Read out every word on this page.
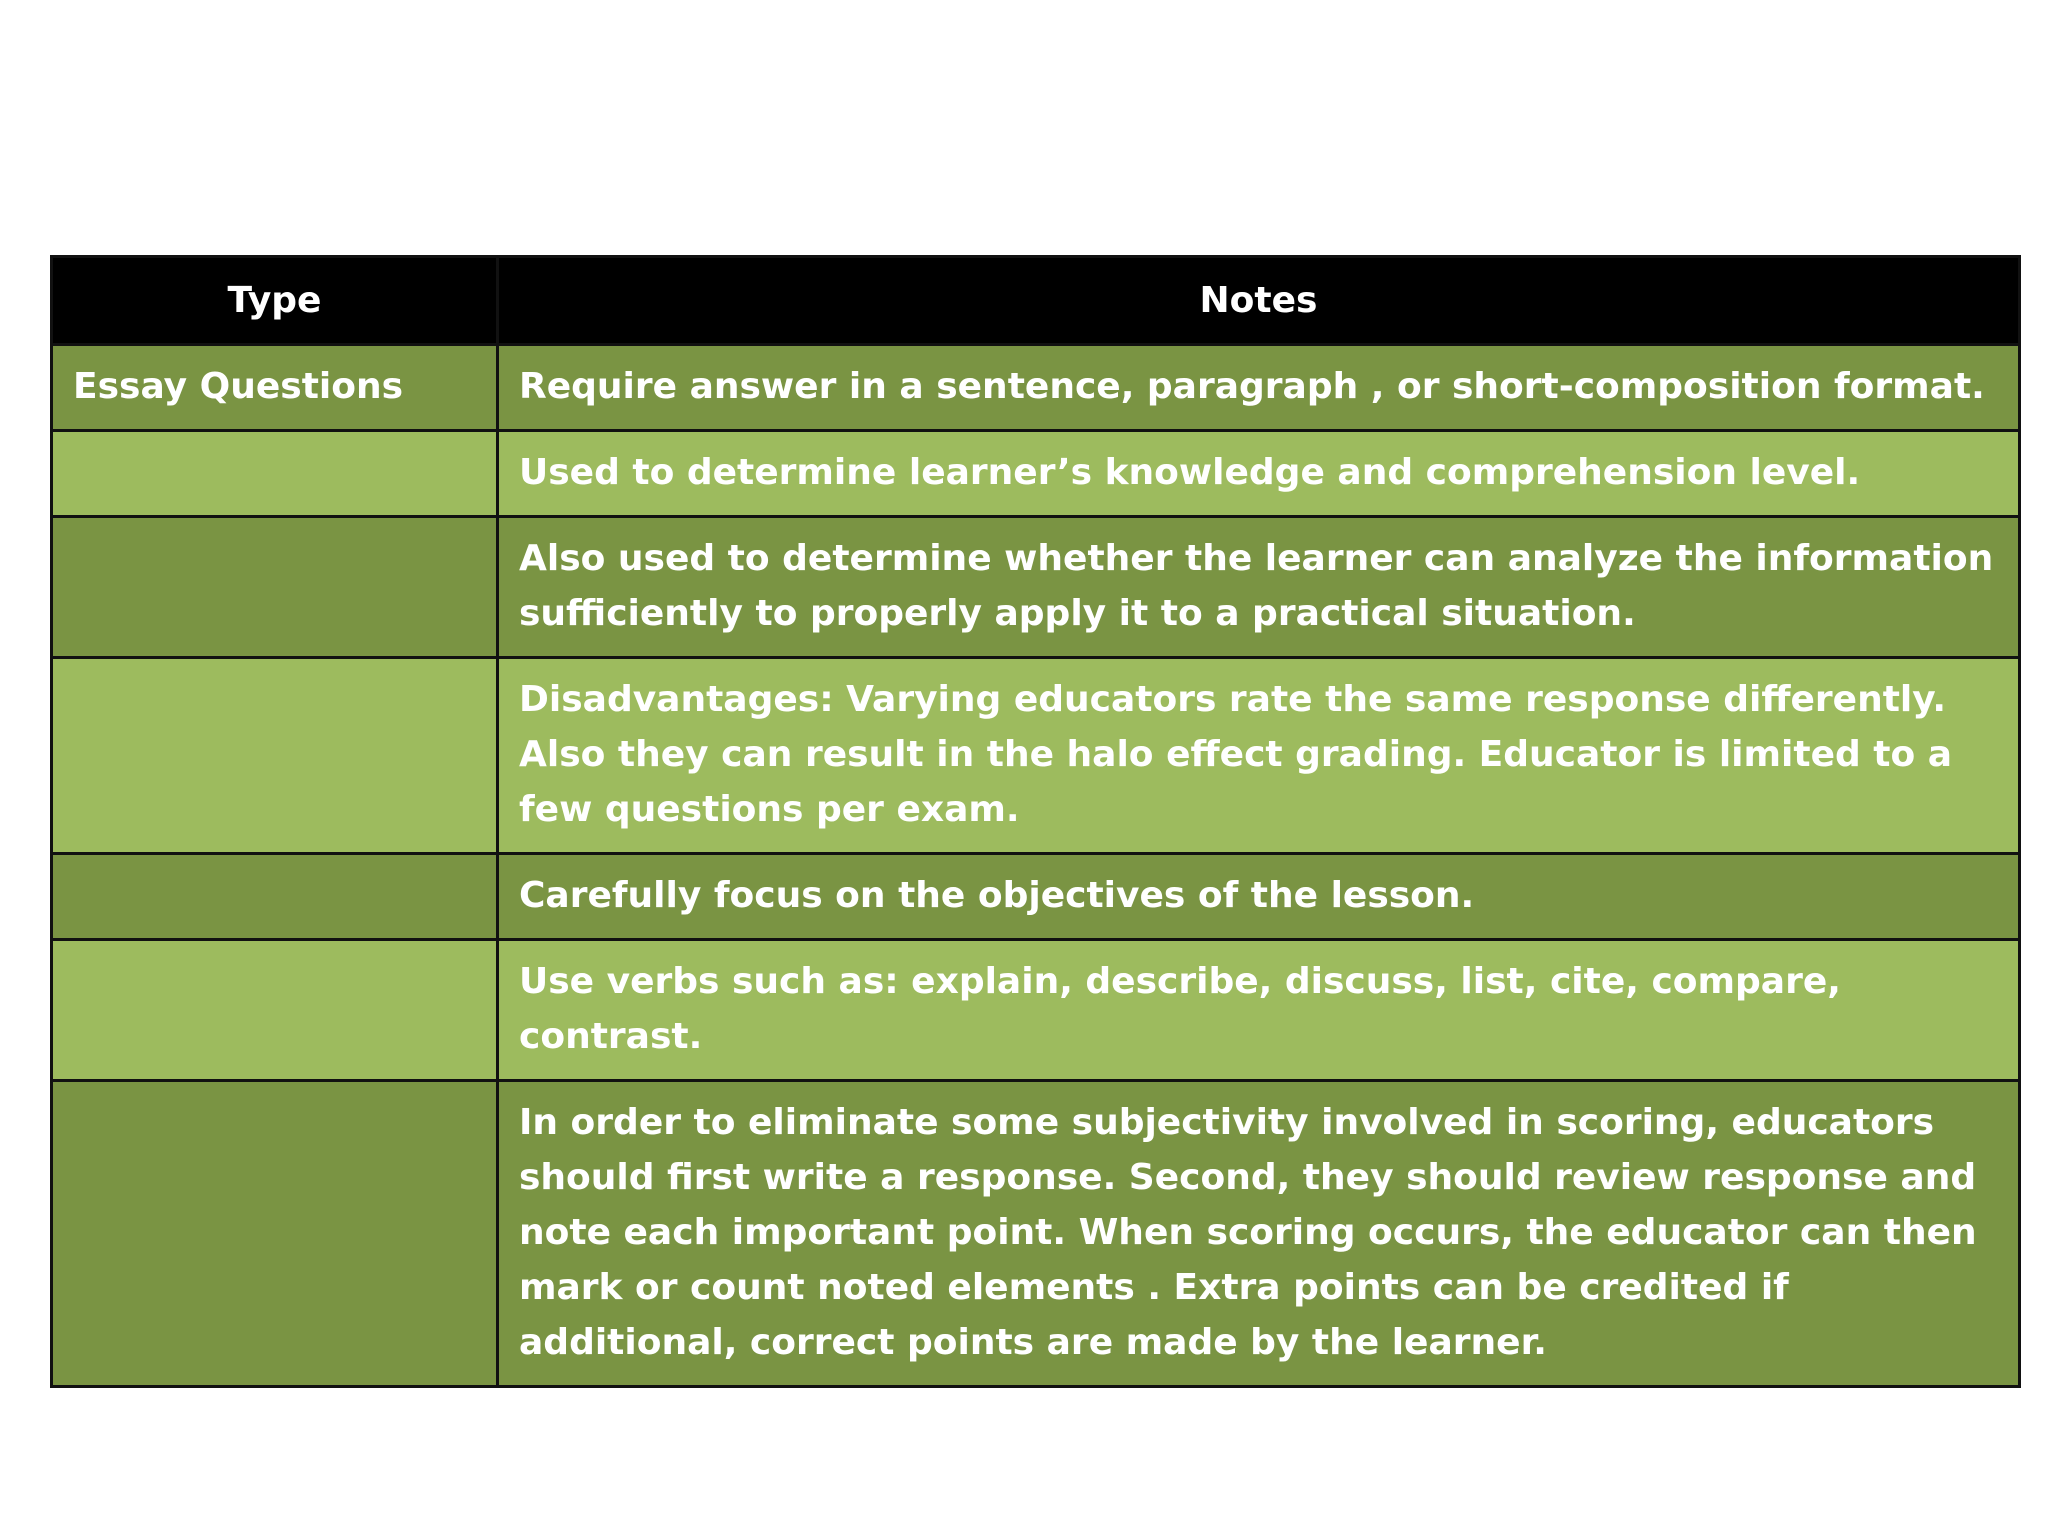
Type	Notes
Essay Questions	Require answer in a sentence, paragraph , or short-composition format.
	Used to determine learner’s knowledge and comprehension level.
	Also used to determine whether the learner can analyze the information sufficiently to properly apply it to a practical situation.
	Disadvantages: Varying educators rate the same response differently. Also they can result in the halo effect grading. Educator is limited to a few questions per exam.
	Carefully focus on the objectives of the lesson.
	Use verbs such as: explain, describe, discuss, list, cite, compare, contrast.
	In order to eliminate some subjectivity involved in scoring, educators should first write a response. Second, they should review response and note each important point. When scoring occurs, the educator can then mark or count noted elements . Extra points can be credited if additional, correct points are made by the learner.
